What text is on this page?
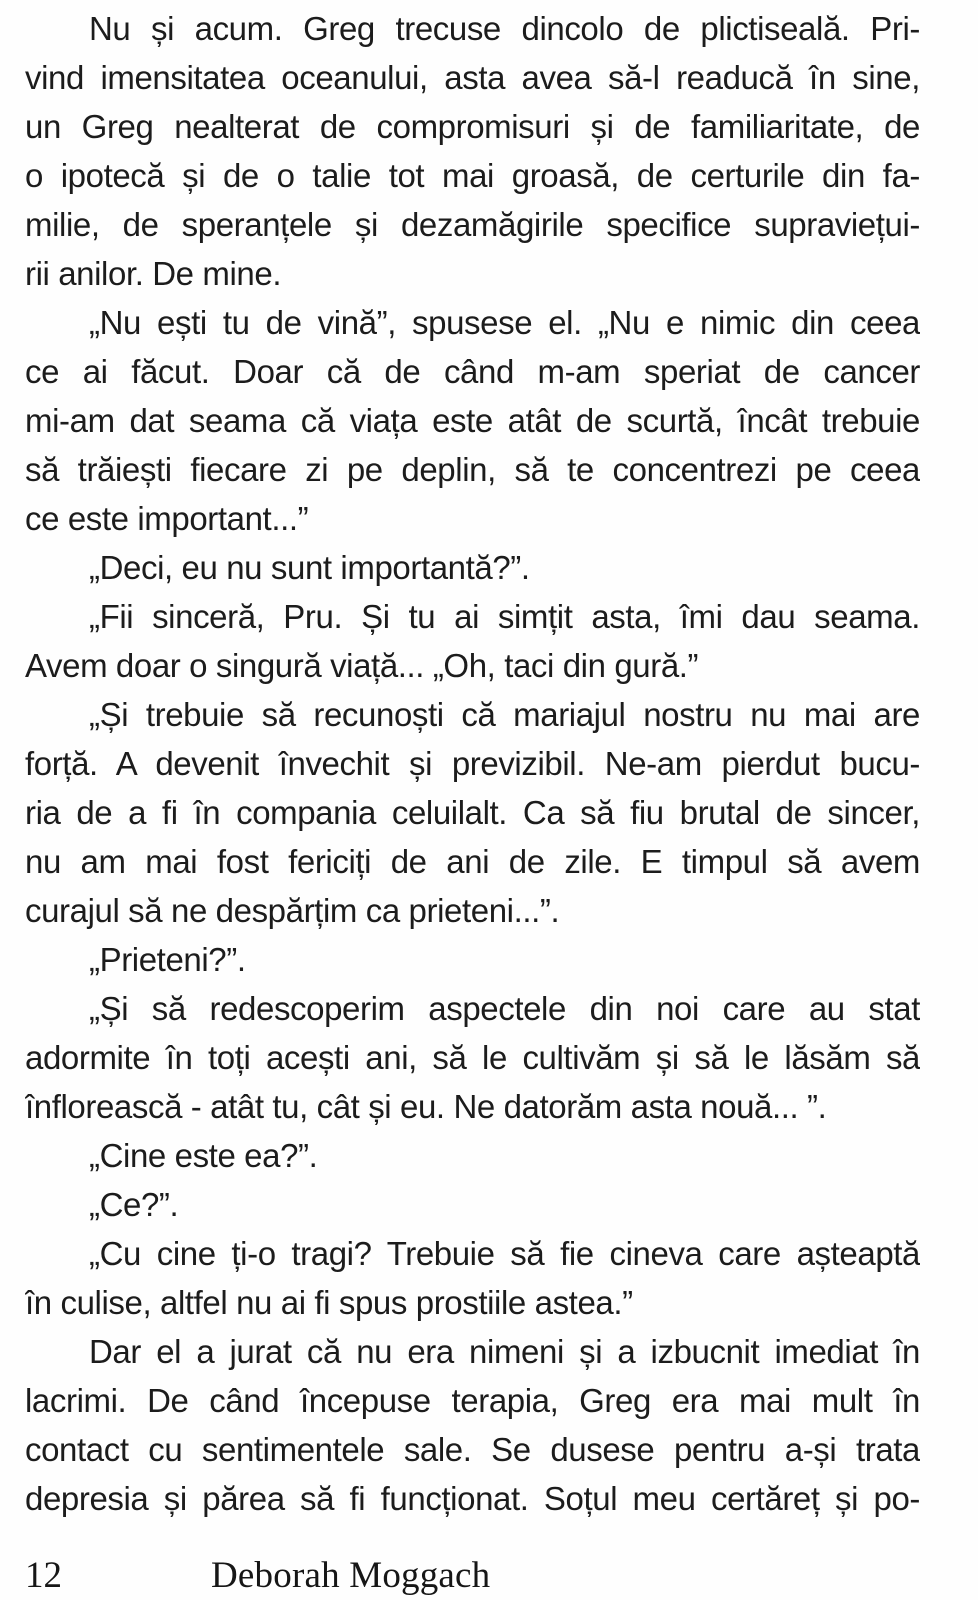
Nu și acum. Greg trecuse dincolo de plictiseală. Pri-
vind imensitatea oceanului, asta avea să-l readucă în sine,
un Greg nealterat de compromisuri și de familiaritate, de
o ipotecă și de o talie tot mai groasă, de certurile din fa-
milie, de speranțele și dezamăgirile specifice supraviețui-
rii anilor. De mine.
„Nu ești tu de vină”, spusese el. „Nu e nimic din ceea
ce ai făcut. Doar că de când m-am speriat de cancer
mi-am dat seama că viața este atât de scurtă, încât trebuie
să trăiești fiecare zi pe deplin, să te concentrezi pe ceea
ce este important...”
„Deci, eu nu sunt importantă?”.
„Fii sinceră, Pru. Și tu ai simțit asta, îmi dau seama.
Avem doar o singură viață... „Oh, taci din gură.”
„Și trebuie să recunoști că mariajul nostru nu mai are
forță. A devenit învechit și previzibil. Ne-am pierdut bucu-
ria de a fi în compania celuilalt. Ca să fiu brutal de sincer,
nu am mai fost fericiți de ani de zile. E timpul să avem
curajul să ne despărțim ca prieteni...”.
„Prieteni?”.
„Și să redescoperim aspectele din noi care au stat
adormite în toți acești ani, să le cultivăm și să le lăsăm să
înflorească - atât tu, cât și eu. Ne datorăm asta nouă... ”.
„Cine este ea?”.
„Ce?”.
„Cu cine ți-o tragi? Trebuie să fie cineva care așteaptă
în culise, altfel nu ai fi spus prostiile astea.”
Dar el a jurat că nu era nimeni și a izbucnit imediat în
lacrimi. De când începuse terapia, Greg era mai mult în
contact cu sentimentele sale. Se dusese pentru a-și trata
depresia și părea să fi funcționat. Soțul meu certăreț și po-
12	Deborah Moggach
